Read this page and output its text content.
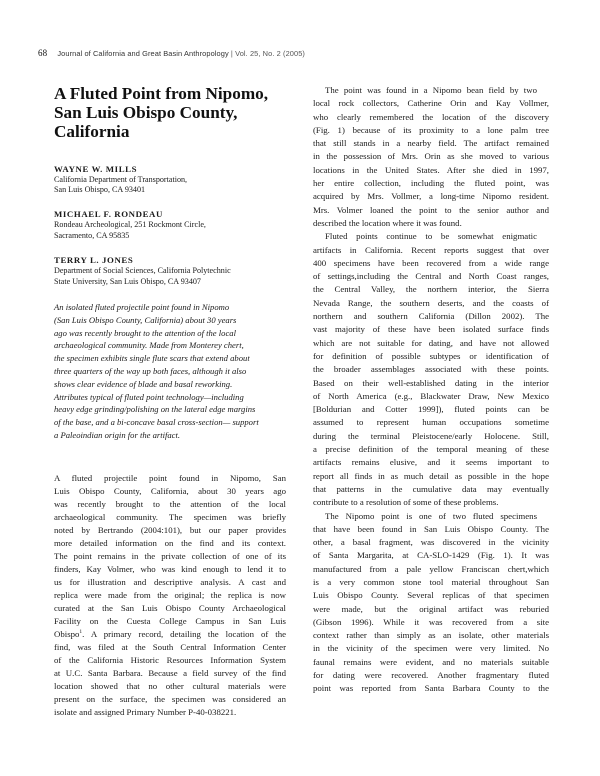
68 Journal of California and Great Basin Anthropology | Vol. 25, No. 2 (2005)
A Fluted Point from Nipomo,
San Luis Obispo County,
California
WAYNE W. MILLS
California Department of Transportation,
San Luis Obispo, CA 93401
MICHAEL F. RONDEAU
Rondeau Archeological, 251 Rockmont Circle,
Sacramento, CA 95835
TERRY L. JONES
Department of Social Sciences, California Polytechnic
State University, San Luis Obispo, CA 93407
An isolated fluted projectile point found in Nipomo
(San Luis Obispo County, California) about 30 years
ago was recently brought to the attention of the local
archaeological community. Made from Monterey chert,
the specimen exhibits single flute scars that extend about
three quarters of the way up both faces, although it also
shows clear evidence of blade and basal reworking.
Attributes typical of fluted point technology—including
heavy edge grinding/polishing on the lateral edge margins
of the base, and a bi-concave basal cross-section— support
a Paleoindian origin for the artifact.
A fluted projectile point found in Nipomo, San
Luis Obispo County, California, about 30 years ago
was recently brought to the attention of the local
archaeological community. The specimen was briefly
noted by Bertrando (2004:101), but our paper provides
more detailed information on the find and its context.
The point remains in the private collection of one of its
finders, Kay Volmer, who was kind enough to lend it to
us for illustration and descriptive analysis. A cast and
replica were made from the original; the replica is now
curated at the San Luis Obispo County Archaeological
Facility on the Cuesta College Campus in San Luis
Obispo$^1$. A primary record, detailing the location of the
find, was filed at the South Central Information Center
of the California Historic Resources Information System
at U.C. Santa Barbara. Because a field survey of the find
location showed that no other cultural materials were
present on the surface, the specimen was considered an
isolate and assigned Primary Number P-40-038221.
The point was found in a Nipomo bean field by two
local rock collectors, Catherine Orin and Kay Vollmer,
who clearly remembered the location of the discovery
(Fig. 1) because of its proximity to a lone palm tree
that still stands in a nearby field. The artifact remained
in the possession of Mrs. Orin as she moved to various
locations in the United States. After she died in 1997,
her entire collection, including the fluted point, was
acquired by Mrs. Vollmer, a long-time Nipomo resident.
Mrs. Volmer loaned the point to the senior author and
described the location where it was found.
Fluted points continue to be somewhat enigmatic
artifacts in California. Recent reports suggest that over
400 specimens have been recovered from a wide range
of settings,including the Central and North Coast ranges,
the Central Valley, the northern interior, the Sierra
Nevada Range, the southern deserts, and the coasts of
northern and southern California (Dillon 2002). The
vast majority of these have been isolated surface finds
which are not suitable for dating, and have not allowed
for definition of possible subtypes or identification of
the broader assemblages associated with these points.
Based on their well-established dating in the interior
of North America (e.g., Blackwater Draw, New Mexico
[Boldurian and Cotter 1999]), fluted points can be
assumed to represent human occupations sometime
during the terminal Pleistocene/early Holocene. Still,
a precise definition of the temporal meaning of these
artifacts remains elusive, and it seems important to
report all finds in as much detail as possible in the hope
that patterns in the cumulative data may eventually
contribute to a resolution of some of these problems.
The Nipomo point is one of two fluted specimens
that have been found in San Luis Obispo County. The
other, a basal fragment, was discovered in the vicinity
of Santa Margarita, at CA-SLO-1429 (Fig. 1). It was
manufactured from a pale yellow Franciscan chert,which
is a very common stone tool material throughout San
Luis Obispo County. Several replicas of that specimen
were made, but the original artifact was reburied
(Gibson 1996). While it was recovered from a site
context rather than simply as an isolate, other materials
in the vicinity of the specimen were very limited. No
faunal remains were evident, and no materials suitable
for dating were recovered. Another fragmentary fluted
point was reported from Santa Barbara County to the
